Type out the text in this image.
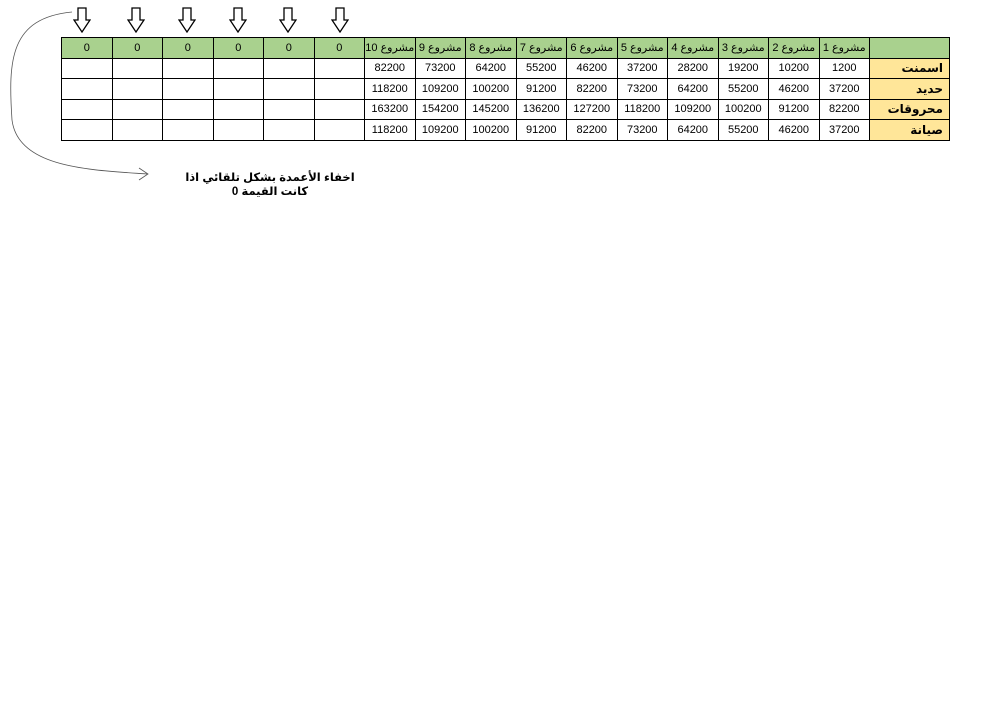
	مشروع 1	مشروع 2	مشروع 3	مشروع 4	مشروع 5	مشروع 6	مشروع 7	مشروع 8	مشروع 9	مشروع 10	0	0	0	0	0	0
اسمنت	1200	10200	19200	28200	37200	46200	55200	64200	73200	82200						
حديد	37200	46200	55200	64200	73200	82200	91200	100200	109200	118200						
محروقات	82200	91200	100200	109200	118200	127200	136200	145200	154200	163200						
صيانة	37200	46200	55200	64200	73200	82200	91200	100200	109200	118200						
اخفاء الأعمدة بشكل تلقائي اذا كانت القيمة 0
